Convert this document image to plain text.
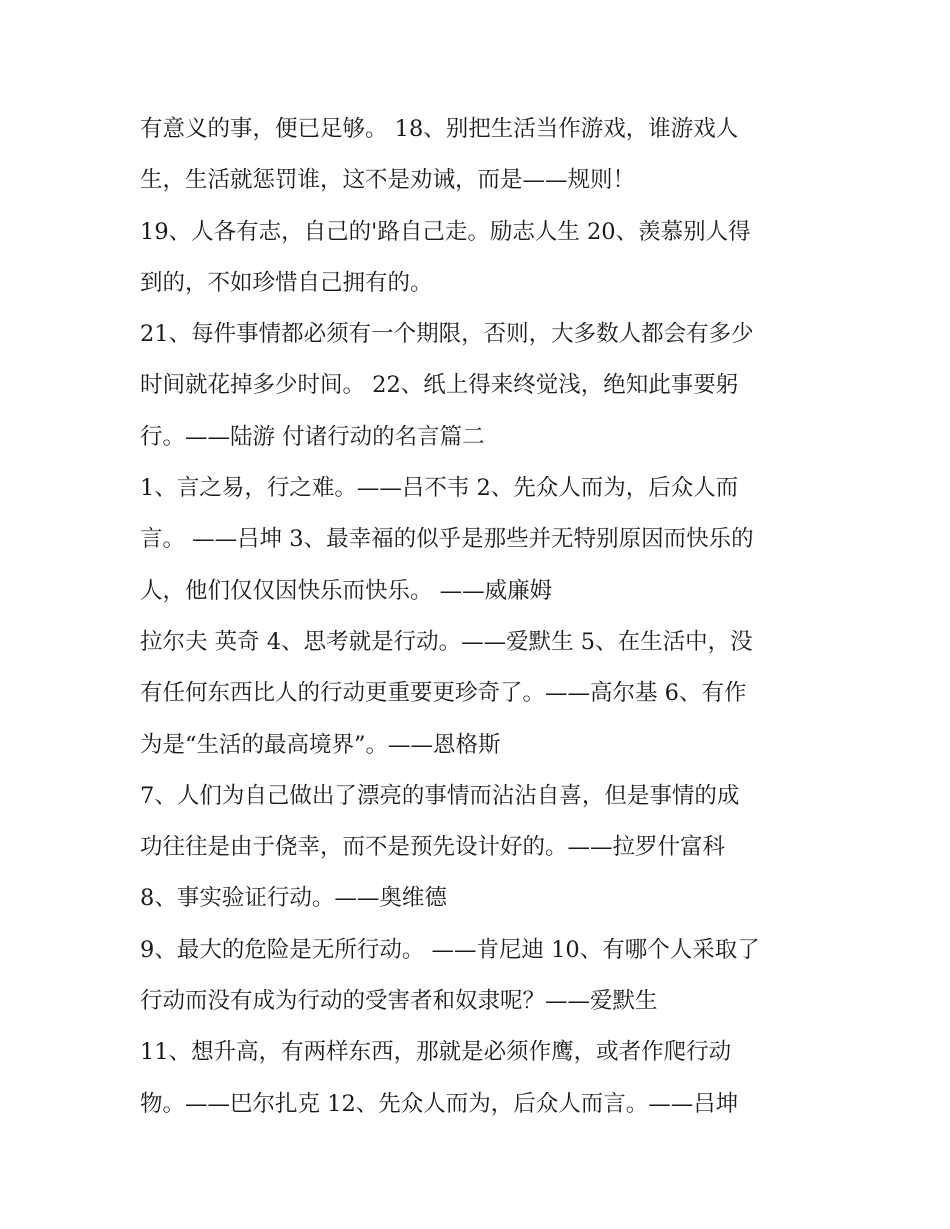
有意义的事，便已足够。 18、别把生活当作游戏，谁游戏人
生，生活就惩罚谁，这不是劝诫，而是——规则！
19、人各有志，自己的'路自己走。励志人生 20、羡慕别人得
到的，不如珍惜自己拥有的。
21、每件事情都必须有一个期限，否则，大多数人都会有多少
时间就花掉多少时间。 22、纸上得来终觉浅，绝知此事要躬
行。——陆游 付诸行动的名言篇二
1、言之易，行之难。——吕不韦 2、先众人而为，后众人而
言。 ——吕坤 3、最幸福的似乎是那些并无特别原因而快乐的
人，他们仅仅因快乐而快乐。 ——威廉姆
拉尔夫 英奇 4、思考就是行动。——爱默生 5、在生活中，没
有任何东西比人的行动更重要更珍奇了。——高尔基 6、有作
为是“生活的最高境界”。——恩格斯
7、人们为自己做出了漂亮的事情而沾沾自喜，但是事情的成
功往往是由于侥幸，而不是预先设计好的。——拉罗什富科
8、事实验证行动。——奥维德
9、最大的危险是无所行动。 ——肯尼迪 10、有哪个人采取了
行动而没有成为行动的受害者和奴隶呢？——爱默生
11、想升高，有两样东西，那就是必须作鹰，或者作爬行动
物。——巴尔扎克 12、先众人而为，后众人而言。——吕坤
